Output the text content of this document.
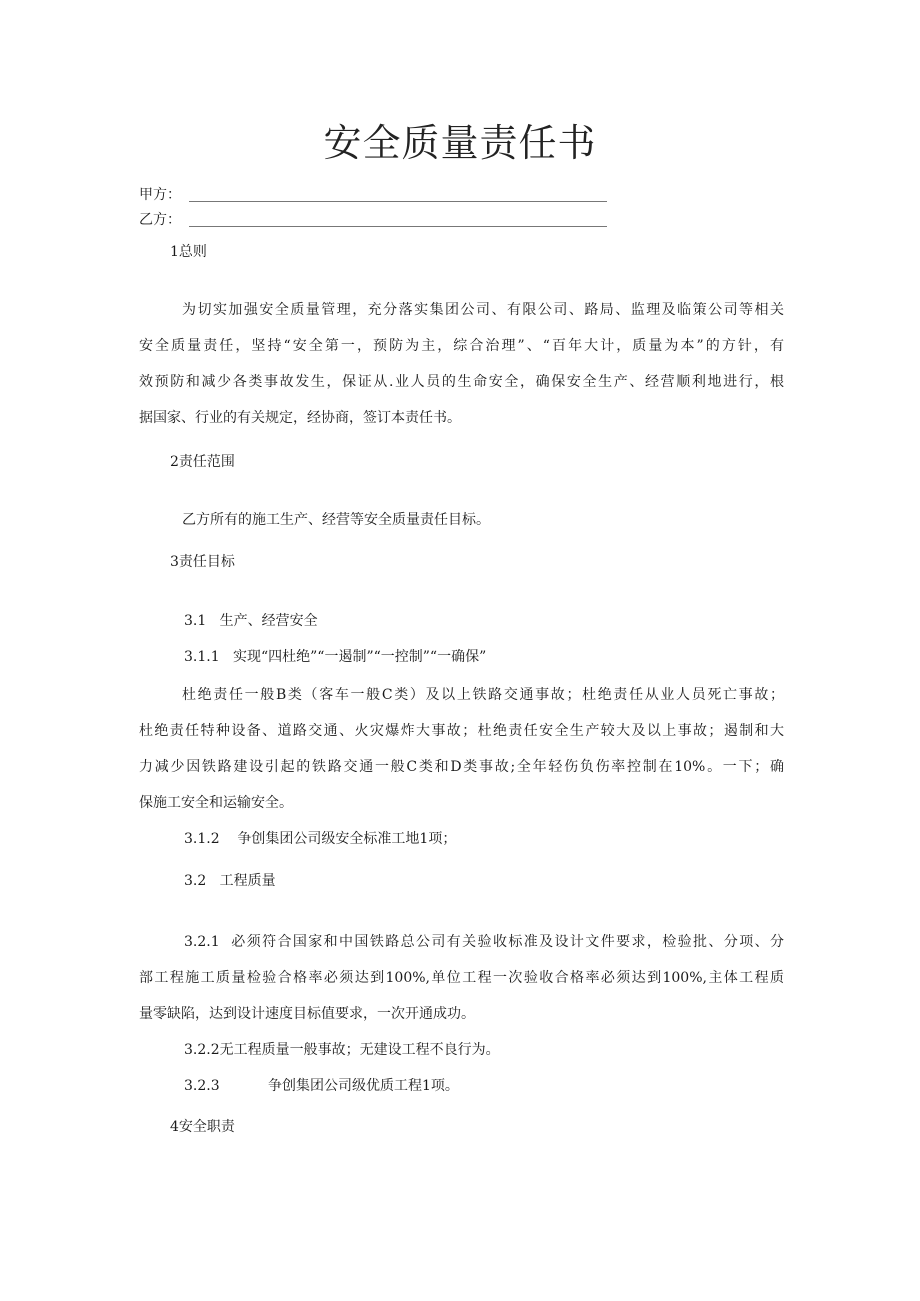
安全质量责任书
甲方：
乙方：
1总则
为切实加强安全质量管理，充分落实集团公司、有限公司、路局、监理及临策公司等相关
安全质量责任，坚持“安全第一，预防为主，综合治理”、“百年大计，质量为本”的方针，有
效预防和减少各类事故发生，保证从.业人员的生命安全，确保安全生产、经营顺利地进行，根
据国家、行业的有关规定，经协商，签订本责任书。
2责任范围
乙方所有的施工生产、经营等安全质量责任目标。
3责任目标
3.1   生产、经营安全
3.1.1   实现“四杜绝”“一遏制”“一控制”“一确保”
杜绝责任一般B类（客车一般C类）及以上铁路交通事故；杜绝责任从业人员死亡事故；
杜绝责任特种设备、道路交通、火灾爆炸大事故；杜绝责任安全生产较大及以上事故；遏制和大
力减少因铁路建设引起的铁路交通一般C类和D类事故;全年轻伤负伤率控制在10%。一下；确
保施工安全和运输安全。
3.1.2    争创集团公司级安全标准工地1项；
3.2   工程质量
3.2.1  必须符合国家和中国铁路总公司有关验收标准及设计文件要求，检验批、分项、分
部工程施工质量检验合格率必须达到100%,单位工程一次验收合格率必须达到100%,主体工程质
量零缺陷，达到设计速度目标值要求，一次开通成功。
3.2.2无工程质量一般事故；无建设工程不良行为。
3.2.3	争创集团公司级优质工程1项。
4安全职责
